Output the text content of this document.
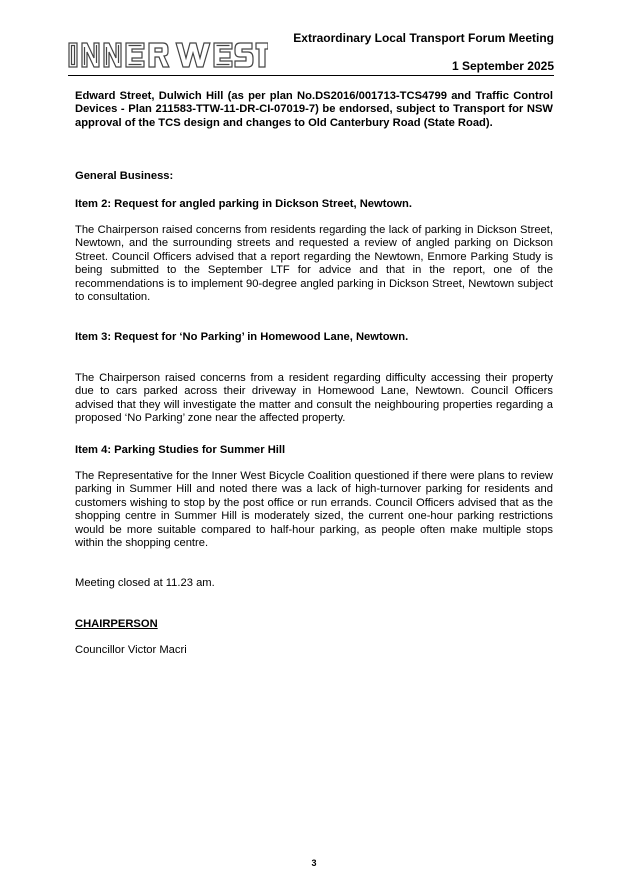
Extraordinary Local Transport Forum Meeting
1 September 2025

Edward Street, Dulwich Hill (as per plan No.DS2016/001713-TCS4799 and Traffic Control Devices - Plan 211583-TTW-11-DR-CI-07019-7) be endorsed, subject to Transport for NSW approval of the TCS design and changes to Old Canterbury Road (State Road).

General Business:

Item 2: Request for angled parking in Dickson Street, Newtown.

The Chairperson raised concerns from residents regarding the lack of parking in Dickson Street, Newtown, and the surrounding streets and requested a review of angled parking on Dickson Street. Council Officers advised that a report regarding the Newtown, Enmore Parking Study is being submitted to the September LTF for advice and that in the report, one of the recommendations is to implement 90-degree angled parking in Dickson Street, Newtown subject to consultation.

Item 3: Request for ‘No Parking’ in Homewood Lane, Newtown.

The Chairperson raised concerns from a resident regarding difficulty accessing their property due to cars parked across their driveway in Homewood Lane, Newtown. Council Officers advised that they will investigate the matter and consult the neighbouring properties regarding a proposed ‘No Parking’ zone near the affected property.

Item 4: Parking Studies for Summer Hill

The Representative for the Inner West Bicycle Coalition questioned if there were plans to review parking in Summer Hill and noted there was a lack of high-turnover parking for residents and customers wishing to stop by the post office or run errands. Council Officers advised that as the shopping centre in Summer Hill is moderately sized, the current one-hour parking restrictions would be more suitable compared to half-hour parking, as people often make multiple stops within the shopping centre.

Meeting closed at 11.23 am.

CHAIRPERSON

Councillor Victor Macri

3
